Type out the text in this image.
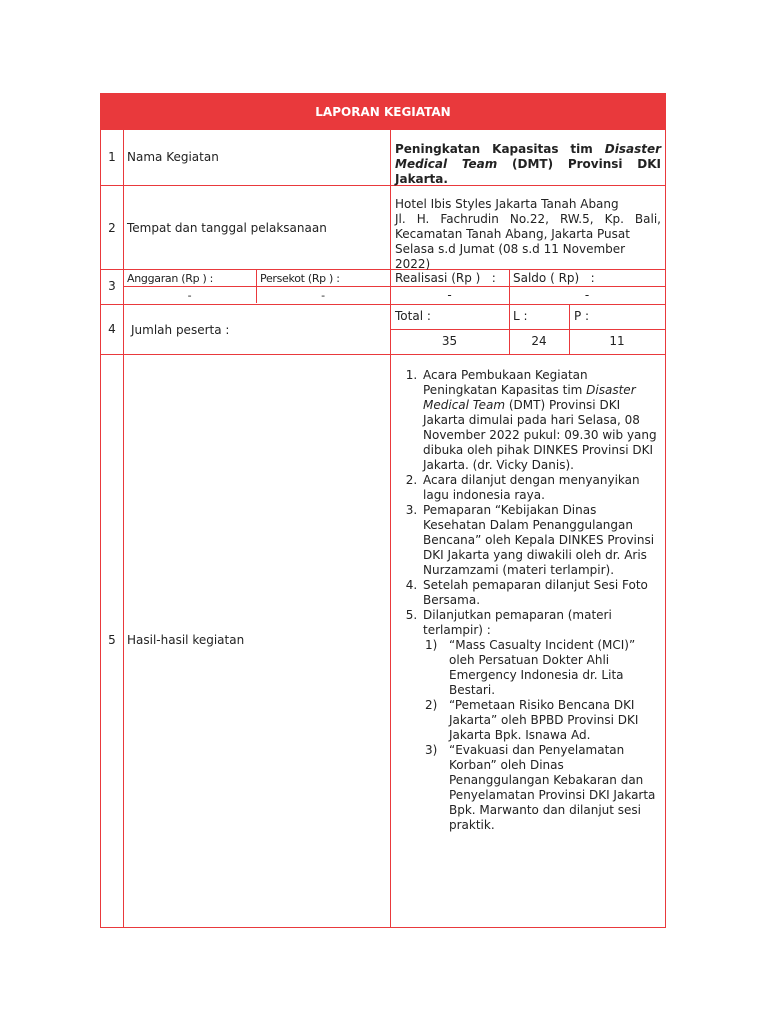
LAPORAN KEGIATAN
1 Nama Kegiatan
Peningkatan Kapasitas tim Disaster Medical Team (DMT) Provinsi DKI Jakarta.
2 Tempat dan tanggal pelaksanaan
Hotel Ibis Styles Jakarta Tanah Abang
Jl. H. Fachrudin No.22, RW.5, Kp. Bali, Kecamatan Tanah Abang, Jakarta Pusat
Selasa s.d Jumat (08 s.d 11 November 2022)
3
Anggaran (Rp ) :
-
Persekot (Rp ) :
-
Realisasi (Rp )   :
-
Saldo ( Rp)   :
-
4	Jumlah peserta :
Total :
35
L :
24
P :
11
5 Hasil-hasil kegiatan
1. Acara Pembukaan Kegiatan Peningkatan Kapasitas tim Disaster Medical Team (DMT) Provinsi DKI Jakarta dimulai pada hari Selasa, 08 November 2022 pukul: 09.30 wib yang dibuka oleh pihak DINKES Provinsi DKI Jakarta. (dr. Vicky Danis).
2. Acara dilanjut dengan menyanyikan lagu indonesia raya.
3. Pemaparan “Kebijakan Dinas Kesehatan Dalam Penanggulangan Bencana” oleh Kepala DINKES Provinsi DKI Jakarta yang diwakili oleh dr. Aris Nurzamzami (materi terlampir).
4. Setelah pemaparan dilanjut Sesi Foto Bersama.
5. Dilanjutkan pemaparan (materi terlampir) :
“Mass Casualty Incident (MCI)” oleh Persatuan Dokter Ahli Emergency Indonesia dr. Lita Bestari.
“Pemetaan Risiko Bencana DKI Jakarta” oleh BPBD Provinsi DKI Jakarta Bpk. Isnawa Ad.
“Evakuasi dan Penyelamatan Korban” oleh Dinas Penanggulangan Kebakaran dan Penyelamatan Provinsi DKI Jakarta Bpk. Marwanto dan dilanjut sesi praktik.
